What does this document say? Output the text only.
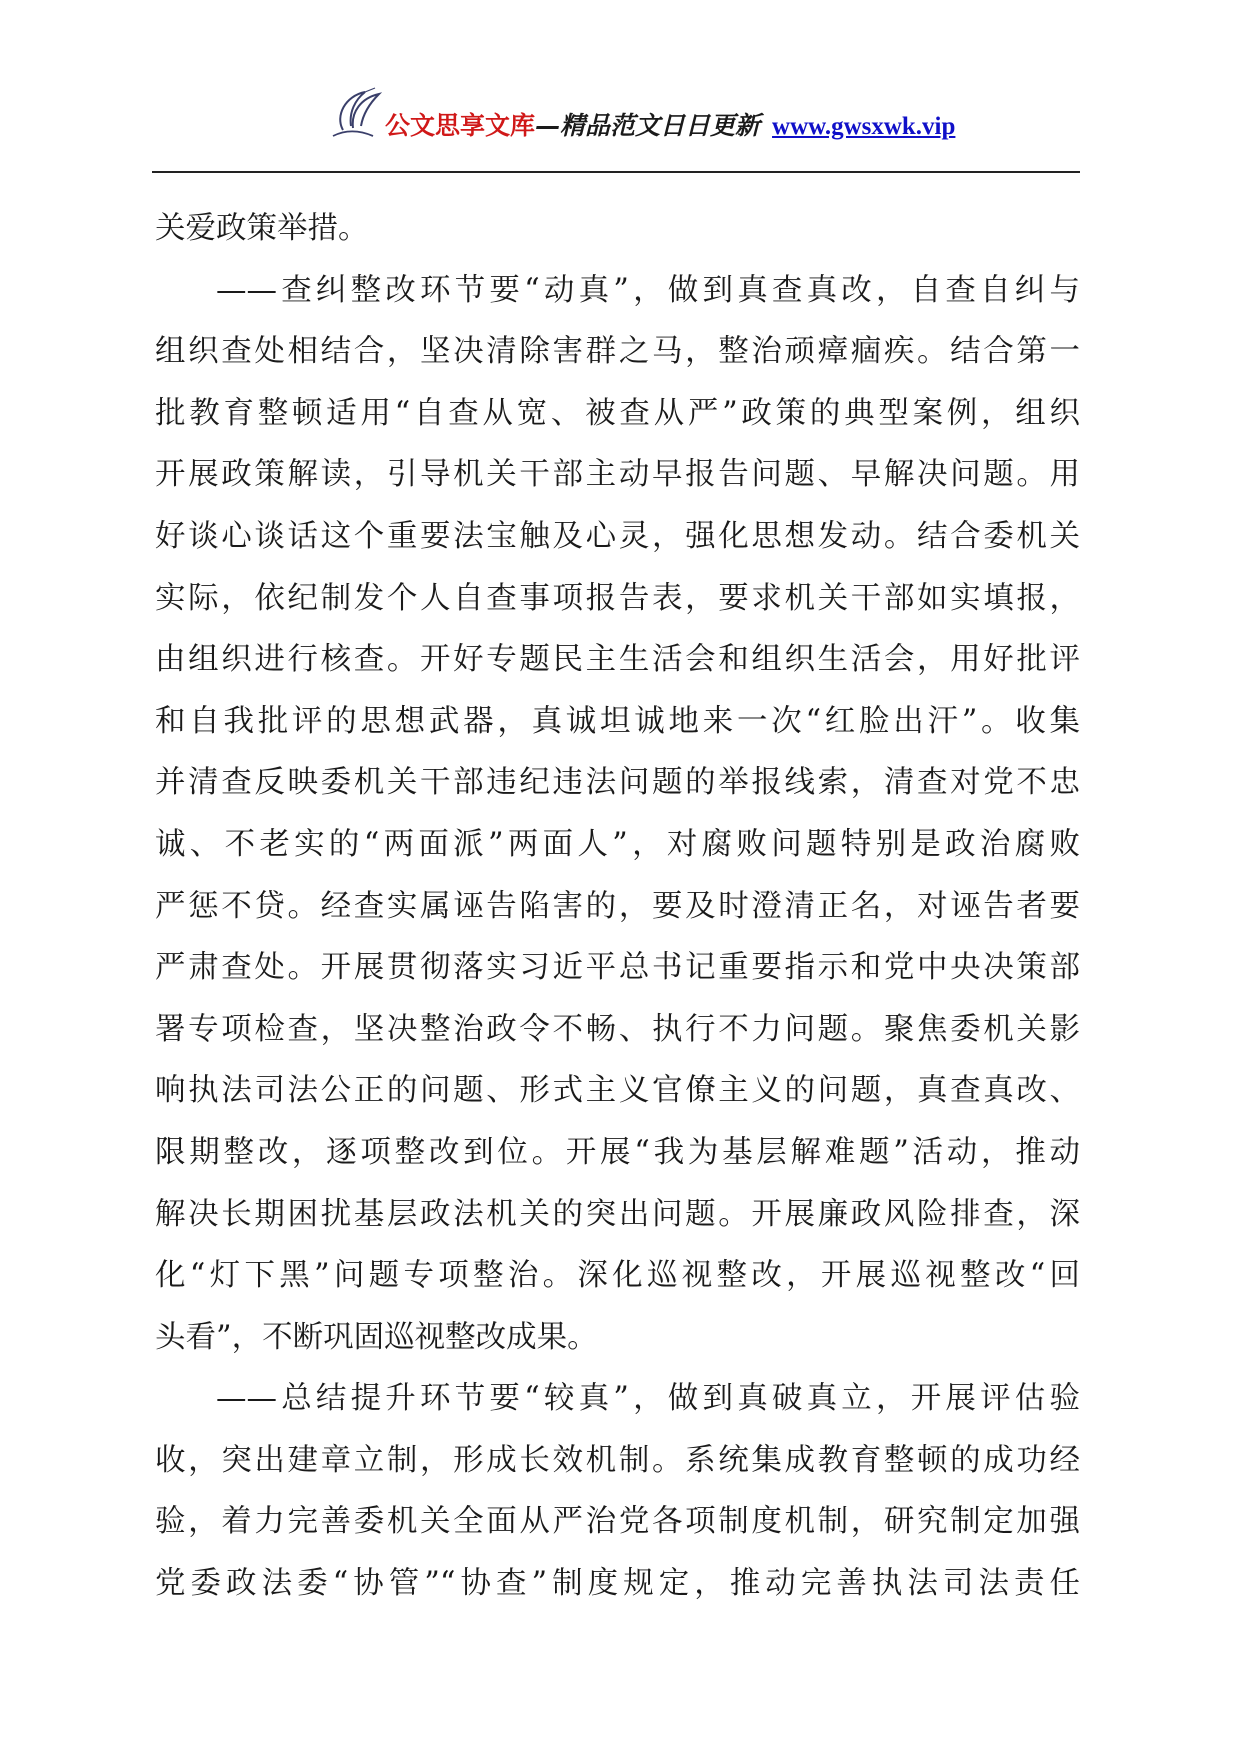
公文思享文库—精品范文日日更新 www.gwsxwk.vip
关爱政策举措。
——查纠整改环节要“动真”，做到真查真改，自查自纠与
组织查处相结合，坚决清除害群之马，整治顽瘴痼疾。结合第一
批教育整顿适用“自查从宽、被查从严”政策的典型案例，组织
开展政策解读，引导机关干部主动早报告问题、早解决问题。用
好谈心谈话这个重要法宝触及心灵，强化思想发动。结合委机关
实际，依纪制发个人自查事项报告表，要求机关干部如实填报，
由组织进行核查。开好专题民主生活会和组织生活会，用好批评
和自我批评的思想武器，真诚坦诚地来一次“红脸出汗”。收集
并清查反映委机关干部违纪违法问题的举报线索，清查对党不忠
诚、不老实的“两面派”两面人”，对腐败问题特别是政治腐败
严惩不贷。经查实属诬告陷害的，要及时澄清正名，对诬告者要
严肃查处。开展贯彻落实习近平总书记重要指示和党中央决策部
署专项检查，坚决整治政令不畅、执行不力问题。聚焦委机关影
响执法司法公正的问题、形式主义官僚主义的问题，真查真改、
限期整改，逐项整改到位。开展“我为基层解难题”活动，推动
解决长期困扰基层政法机关的突出问题。开展廉政风险排查，深
化“灯下黑”问题专项整治。深化巡视整改，开展巡视整改“回
头看”，不断巩固巡视整改成果。
——总结提升环节要“较真”，做到真破真立，开展评估验
收，突出建章立制，形成长效机制。系统集成教育整顿的成功经
验，着力完善委机关全面从严治党各项制度机制，研究制定加强
党委政法委“协管”“协查”制度规定，推动完善执法司法责任
